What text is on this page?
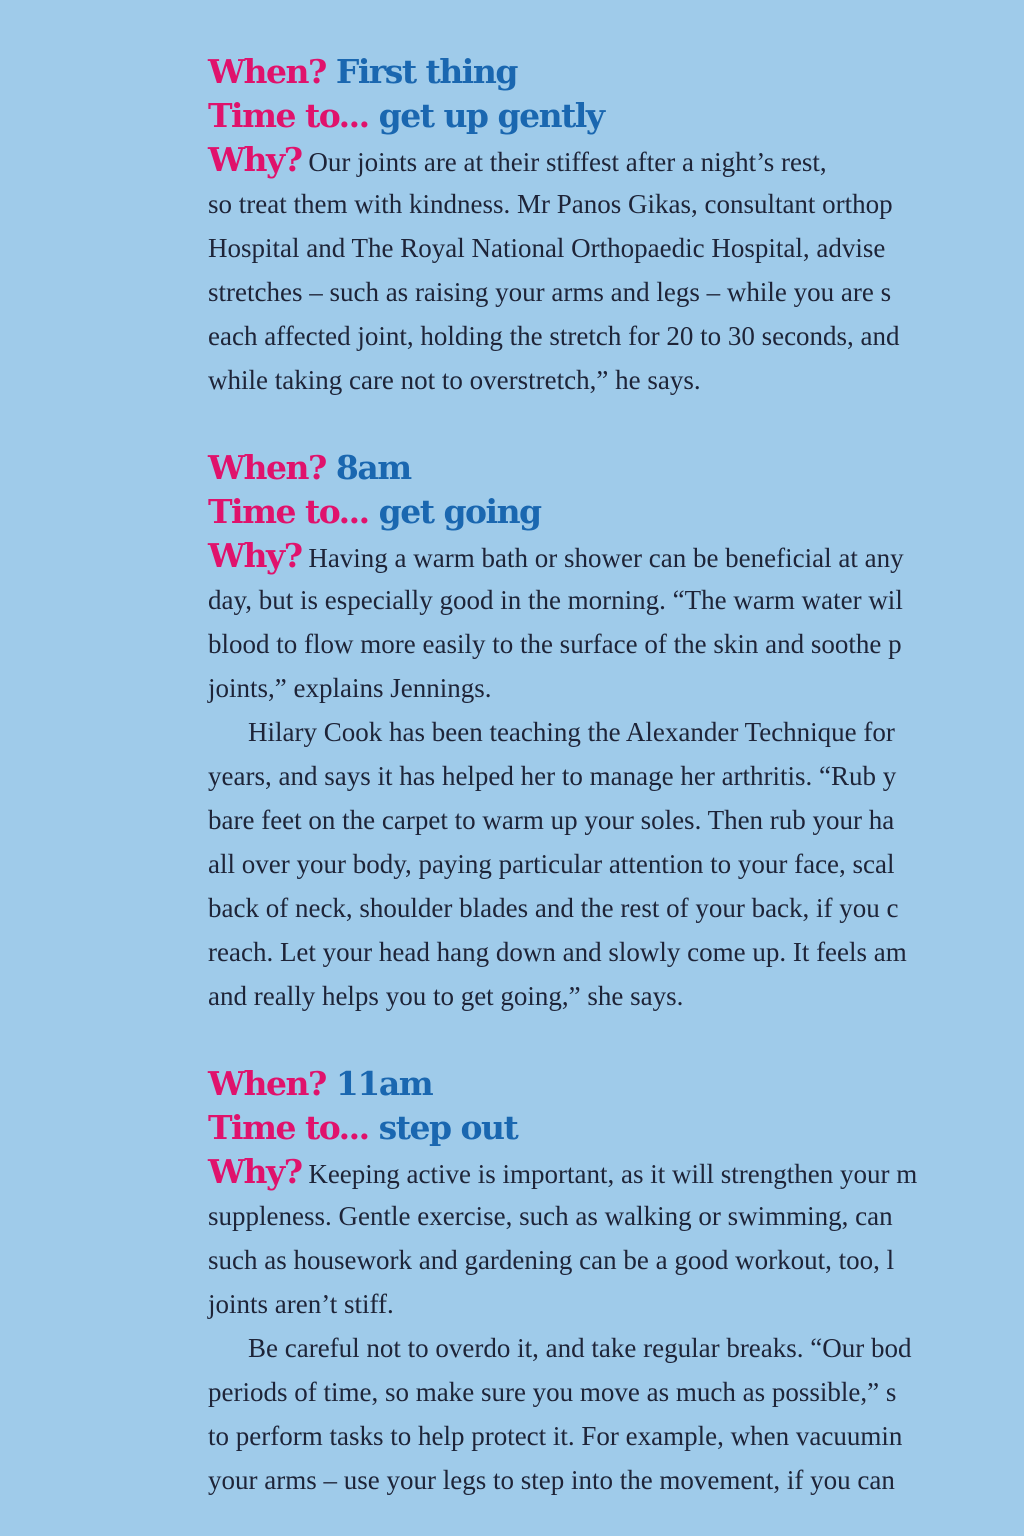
When? First thing
Time to... get up gently
Why? Our joints are at their stiffest after a night’s rest,
so treat them with kindness. Mr Panos Gikas, consultant orthop
Hospital and The Royal National Orthopaedic Hospital, advise
stretches – such as raising your arms and legs – while you are s
each affected joint, holding the stretch for 20 to 30 seconds, and
while taking care not to overstretch,” he says.
When? 8am
Time to... get going
Why? Having a warm bath or shower can be beneficial at any
day, but is especially good in the morning. “The warm water wil
blood to flow more easily to the surface of the skin and soothe p
joints,” explains Jennings.
Hilary Cook has been teaching the Alexander Technique for
years, and says it has helped her to manage her arthritis. “Rub y
bare feet on the carpet to warm up your soles. Then rub your ha
all over your body, paying particular attention to your face, scal
back of neck, shoulder blades and the rest of your back, if you c
reach. Let your head hang down and slowly come up. It feels am
and really helps you to get going,” she says.
When? 11am
Time to... step out
Why? Keeping active is important, as it will strengthen your m
suppleness. Gentle exercise, such as walking or swimming, can
such as housework and gardening can be a good workout, too, l
joints aren’t stiff.
Be careful not to overdo it, and take regular breaks. “Our bod
periods of time, so make sure you move as much as possible,” s
to perform tasks to help protect it. For example, when vacuumin
your arms – use your legs to step into the movement, if you can
